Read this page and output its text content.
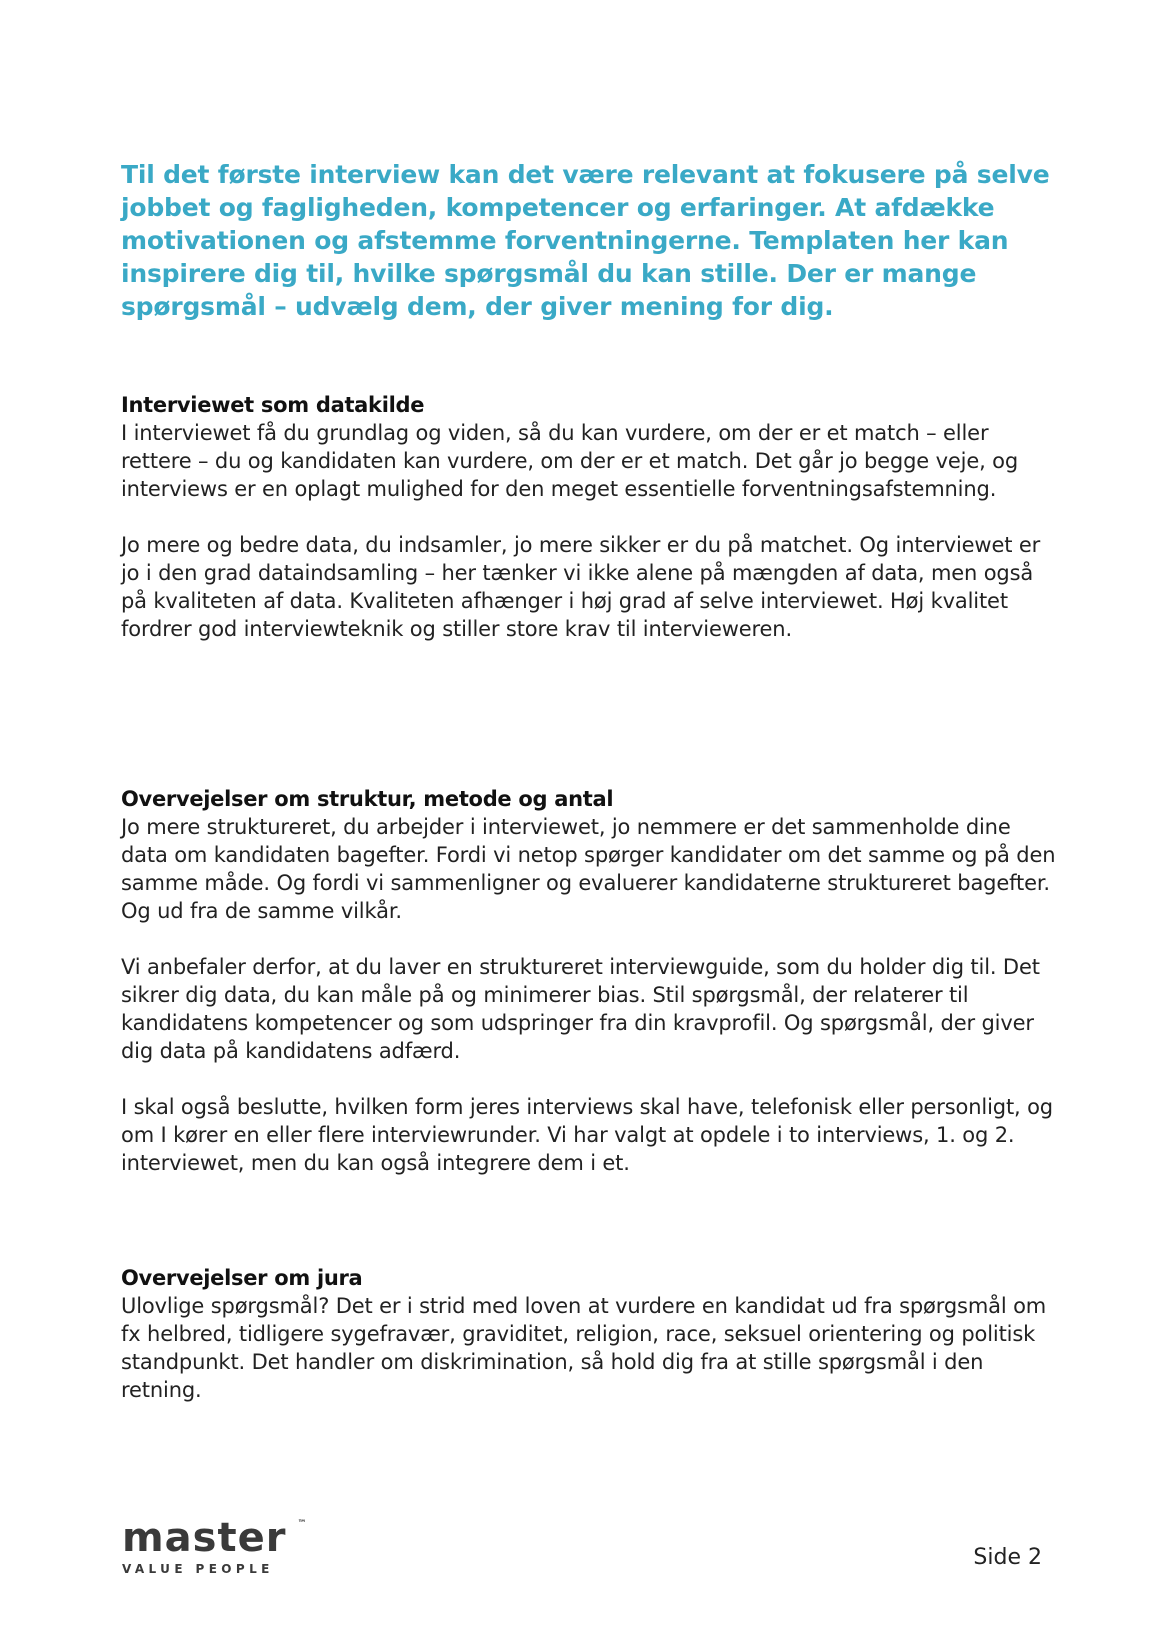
Til det første interview kan det være relevant at fokusere på selve jobbet og fagligheden, kompetencer og erfaringer. At afdække motivationen og afstemme forventningerne. Templaten her kan inspirere dig til, hvilke spørgsmål du kan stille. Der er mange spørgsmål – udvælg dem, der giver mening for dig.

Interviewet som datakilde

I interviewet få du grundlag og viden, så du kan vurdere, om der er et match – eller rettere – du og kandidaten kan vurdere, om der er et match. Det går jo begge veje, og interviews er en oplagt mulighed for den meget essentielle forventningsafstemning.

Jo mere og bedre data, du indsamler, jo mere sikker er du på matchet. Og interviewet er jo i den grad dataindsamling – her tænker vi ikke alene på mængden af data, men også på kvaliteten af data. Kvaliteten afhænger i høj grad af selve interviewet. Høj kvalitet fordrer god interviewteknik og stiller store krav til intervieweren.

Overvejelser om struktur, metode og antal

Jo mere struktureret, du arbejder i interviewet, jo nemmere er det sammenholde dine data om kandidaten bagefter. Fordi vi netop spørger kandidater om det samme og på den samme måde. Og fordi vi sammenligner og evaluerer kandidaterne struktureret bagefter. Og ud fra de samme vilkår.

Vi anbefaler derfor, at du laver en struktureret interviewguide, som du holder dig til. Det sikrer dig data, du kan måle på og minimerer bias. Stil spørgsmål, der relaterer til kandidatens kompetencer og som udspringer fra din kravprofil. Og spørgsmål, der giver dig data på kandidatens adfærd.

I skal også beslutte, hvilken form jeres interviews skal have, telefonisk eller personligt, og om I kører en eller flere interviewrunder. Vi har valgt at opdele i to interviews, 1. og 2. interviewet, men du kan også integrere dem i et.

Overvejelser om jura

Ulovlige spørgsmål? Det er i strid med loven at vurdere en kandidat ud fra spørgsmål om fx helbred, tidligere sygefravær, graviditet, religion, race, seksuel orientering og politisk standpunkt. Det handler om diskrimination, så hold dig fra at stille spørgsmål i den retning.

master ™
VALUE PEOPLE	Side 2
